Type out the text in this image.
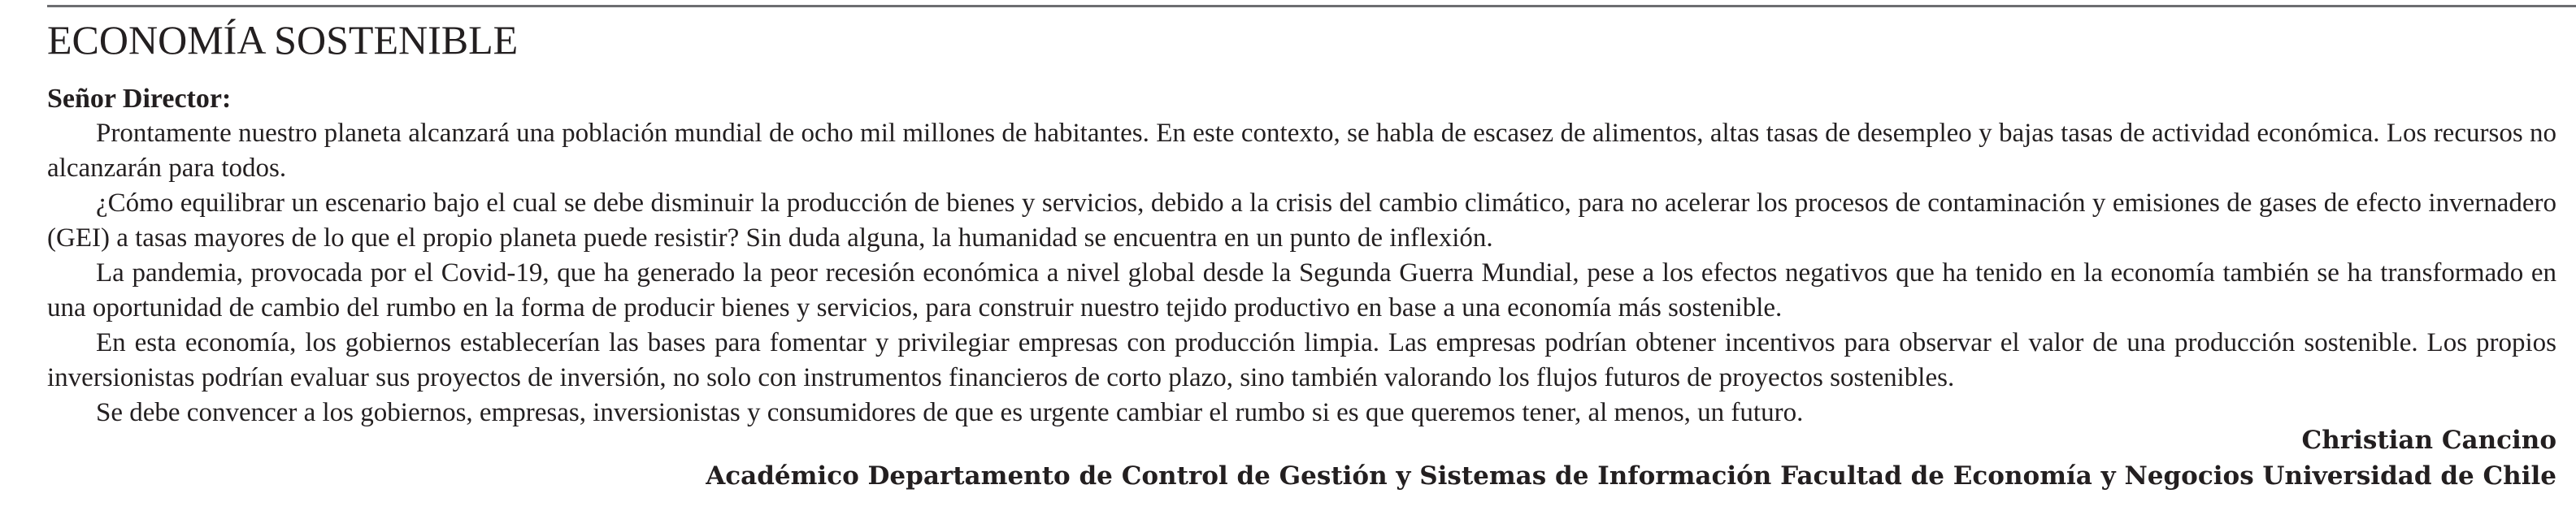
ECONOMÍA SOSTENIBLE
Señor Director:

Prontamente nuestro planeta alcanzará una población mundial de ocho mil millones de habitantes. En este contexto, se habla de escasez de alimentos, altas tasas de desempleo y bajas tasas de actividad económica. Los recursos no alcanzarán para todos.

¿Cómo equilibrar un escenario bajo el cual se debe disminuir la producción de bienes y servicios, debido a la crisis del cambio climático, para no acelerar los procesos de contaminación y emisiones de gases de efecto invernadero (GEI) a tasas mayores de lo que el propio planeta puede resistir? Sin duda alguna, la humanidad se encuentra en un punto de inflexión.

La pandemia, provocada por el Covid-19, que ha generado la peor recesión económica a nivel global desde la Segunda Guerra Mundial, pese a los efectos negativos que ha tenido en la economía también se ha transformado en una oportunidad de cambio del rumbo en la forma de producir bienes y servicios, para construir nuestro tejido productivo en base a una economía más sostenible.

En esta economía, los gobiernos establecerían las bases para fomentar y privilegiar empresas con producción limpia. Las empresas podrían obtener incentivos para observar el valor de una producción sostenible. Los propios inversionistas podrían evaluar sus proyectos de inversión, no solo con instrumentos financieros de corto plazo, sino también valorando los flujos futuros de proyectos sostenibles.

Se debe convencer a los gobiernos, empresas, inversionistas y consumidores de que es urgente cambiar el rumbo si es que queremos tener, al menos, un futuro.

Christian Cancino
Académico Departamento de Control de Gestión y Sistemas de Información Facultad de Economía y Negocios Universidad de Chile
